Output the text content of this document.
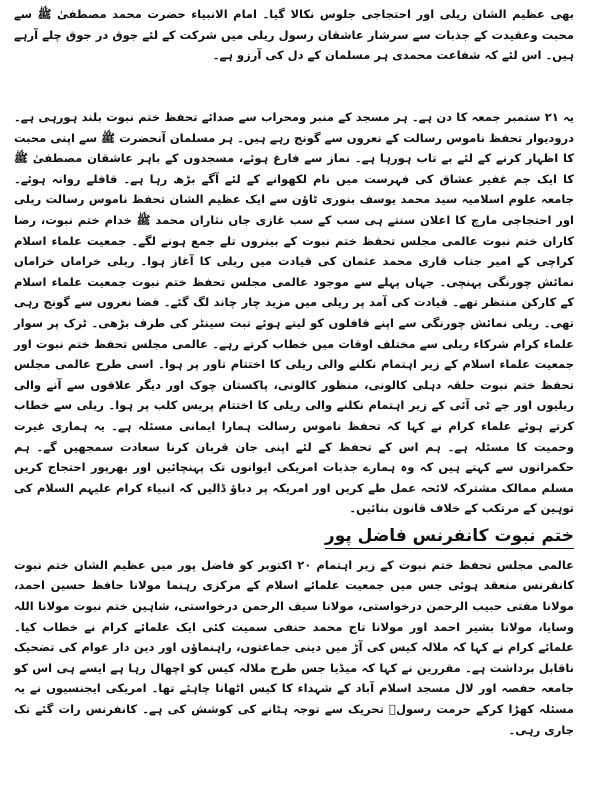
بھی عظیم الشان ریلی اور احتجاجی جلوس نکالا گیا۔ امام الانبیاء حضرت محمد مصطفیٰ ﷺ سے محبت وعقیدت کے جذبات سے سرشار عاشقان رسول ریلی میں شرکت کے لئے جوق در جوق چلے آرہے ہیں۔ اس لئے کہ شفاعت محمدی ہر مسلمان کے دل کی آرزو ہے۔

یہ ۲۱ ستمبر جمعہ کا دن ہے۔ ہر مسجد کے منبر ومحراب سے صدائے تحفظ ختم نبوت بلند ہورہی ہے۔ درودیوار تحفظ ناموس رسالت کے نعروں سے گونج رہے ہیں۔ ہر مسلمان آنحضرت ﷺ سے اپنی محبت کا اظہار کرنے کے لئے بے تاب ہورہا ہے۔ نماز سے فارغ ہوئے، مسجدوں کے باہر عاشقان مصطفیٰ ﷺ کا ایک جم غفیر عشاق کی فہرست میں نام لکھوانے کے لئے آگے بڑھ رہا ہے۔ قافلے روانہ ہوئے۔ جامعہ علوم اسلامیہ سید محمد یوسف بنوری ٹاؤن سے ایک عظیم الشان تحفظ ناموس رسالت ریلی اور احتجاجی مارچ کا اعلان سنتے ہی سب کے سب غازی جاں نثاران محمد ﷺ خدام ختم نبوت، رضا کاران ختم نبوت عالمی مجلس تحفظ ختم نبوت کے بینروں تلے جمع ہونے لگے۔ جمعیت علماء اسلام کراچی کے امیر جناب قاری محمد عثمان کی قیادت میں ریلی کا آغاز ہوا۔ ریلی خراماں خراماں نمائش چورنگی پہنچی۔ جہاں پہلے سے موجود عالمی مجلس تحفظ ختم نبوت جمعیت علماء اسلام کے کارکن منتظر تھے۔ قیادت کی آمد پر ریلی میں مزید چار چاند لگ گئے۔ فضا نعروں سے گونج رہی تھی۔ ریلی نمائش چورنگی سے اپنے قافلوں کو لیتے ہوئے تبت سینٹر کی طرف بڑھی۔ ٹرک پر سوار علماء کرام شرکاء ریلی سے مختلف اوقات میں خطاب کرتے رہے۔ عالمی مجلس تحفظ ختم نبوت اور جمعیت علماء اسلام کے زیر اہتمام نکلنے والی ریلی کا اختتام تاور پر ہوا۔ اسی طرح عالمی مجلس تحفظ ختم نبوت حلقہ دہلی کالونی، منظور کالونی، پاکستان چوک اور دیگر علاقوں سے آنے والی ریلیوں اور جے ٹی آئی کے زیر اہتمام نکلنے والی ریلی کا اختتام پریس کلب پر ہوا۔ ریلی سے خطاب کرتے ہوئے علماء کرام نے کہا کہ تحفظ ناموس رسالت ہمارا ایمانی مسئلہ ہے۔ یہ ہماری غیرت وحمیت کا مسئلہ ہے۔ ہم اس کے تحفظ کے لئے اپنی جان قربان کرنا سعادت سمجھیں گے۔ ہم حکمرانوں سے کہتے ہیں کہ وہ ہمارے جذبات امریکی ایوانوں تک پہنچائیں اور بھرپور احتجاج کریں مسلم ممالک مشترکہ لائحہ عمل طے کریں اور امریکہ پر دباؤ ڈالیں کہ انبیاء کرام علیہم السلام کی توہین کے مرتکب کے خلاف قانون بنائیں۔

ختم نبوت کانفرنس فاضل پور

عالمی مجلس تحفظ ختم نبوت کے زیر اہتمام ۲۰ اکتوبر کو فاضل پور میں عظیم الشان ختم نبوت کانفرنس منعقد ہوئی جس میں جمعیت علمائے اسلام کے مرکزی رہنما مولانا حافظ حسین احمد، مولانا مفتی حبیب الرحمن درخواستی، مولانا سیف الرحمن درخواستی، شاہین ختم نبوت مولانا اللہ وسایا، مولانا بشیر احمد اور مولانا تاج محمد حنفی سمیت کئی ایک علمائے کرام نے خطاب کیا۔ علمائے کرام نے کہا کہ ملالہ کیس کی آڑ میں دینی جماعتوں، راہنماؤں اور دین دار عوام کی تضحیک ناقابل برداشت ہے۔ مقررین نے کہا کہ میڈیا جس طرح ملالہ کیس کو اچھال رہا ہے ایسے ہی اس کو جامعہ حفصہ اور لال مسجد اسلام آباد کے شہداء کا کیس اٹھانا چاہئے تھا۔ امریکی ایجنسیوں نے یہ مسئلہ کھڑا کرکے حرمت رسولؐ تحریک سے توجہ ہٹانے کی کوشش کی ہے۔ کانفرنس رات گئے تک جاری رہی۔
